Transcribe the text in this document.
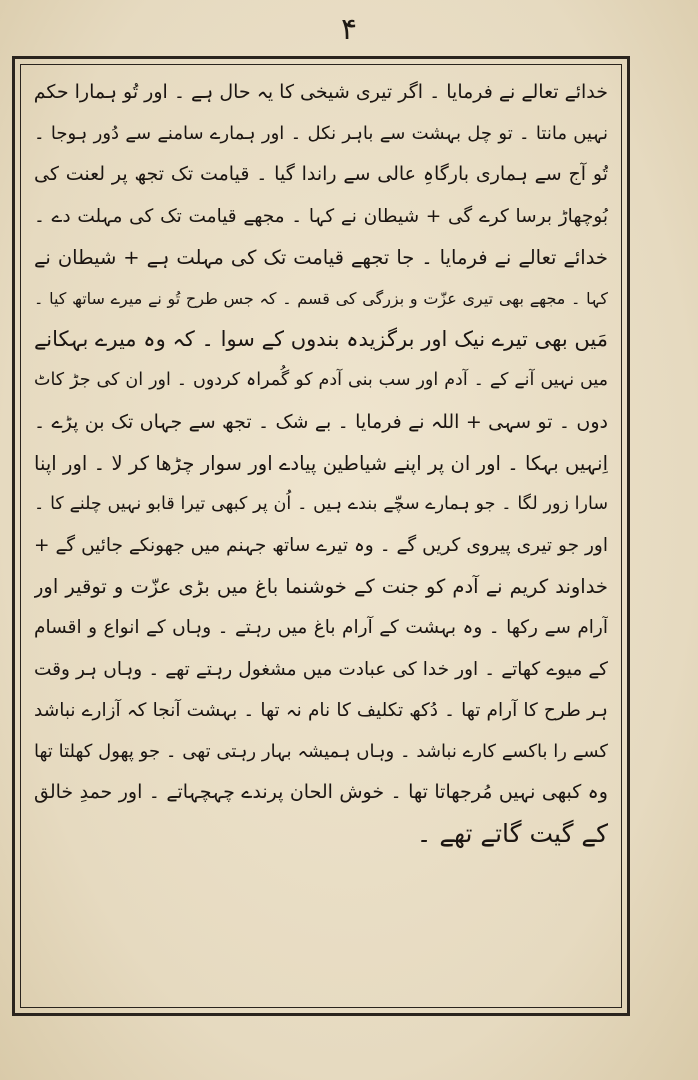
۴
خدائے تعالے نے فرمایا ۔ اگر تیری شیخی کا یہ حال ہے ۔ اور تُو ہمارا حکم
نہیں مانتا ۔ تو چل بہشت سے باہر نکل ۔ اور ہمارے سامنے سے دُور ہوجا ۔
تُو آج سے ہماری بارگاہِ عالی سے راندا گیا ۔ قیامت تک تجھ پر لعنت کی
بُوچھاڑ برسا کرے گی + شیطان نے کہا ۔ مجھے قیامت تک کی مہلت دے ۔
خدائے تعالے نے فرمایا ۔ جا تجھے قیامت تک کی مہلت ہے + شیطان نے
کہا ۔ مجھے بھی تیری عزّت و بزرگی کی قسم ۔ کہ جس طرح تُو نے میرے ساتھ کیا ۔
مَیں بھی تیرے نیک اور برگزیدہ بندوں کے سوا ۔ کہ وہ میرے بہکانے
میں نہیں آنے کے ۔ آدم اور سب بنی آدم کو گُمراہ کردوں ۔ اور ان کی جڑ کاٹ
دوں ۔ تو سہی + اللہ نے فرمایا ۔ بے شک ۔ تجھ سے جہاں تک بن پڑے ۔
اِنہیں بہکا ۔ اور ان پر اپنے شیاطین پیادے اور سوار چڑھا کر لا ۔ اور اپنا
سارا زور لگا ۔ جو ہمارے سچّے بندے ہیں ۔ اُن پر کبھی تیرا قابو نہیں چلنے کا ۔
اور جو تیری پیروی کریں گے ۔ وہ تیرے ساتھ جہنم میں جھونکے جائیں گے +
خداوند کریم نے آدم کو جنت کے خوشنما باغ میں بڑی عزّت و توقیر اور
آرام سے رکھا ۔ وہ بہشت کے آرام باغ میں رہتے ۔ وہاں کے انواع و اقسام
کے میوے کھاتے ۔ اور خدا کی عبادت میں مشغول رہتے تھے ۔ وہاں ہر وقت
ہر طرح کا آرام تھا ۔ دُکھ تکلیف کا نام نہ تھا ۔ بہشت آنجا کہ آزارے نباشد
کسے را باکسے کارے نباشد ۔ وہاں ہمیشہ بہار رہتی تھی ۔ جو پھول کھلتا تھا
وہ کبھی نہیں مُرجھاتا تھا ۔ خوش الحان پرندے چہچہاتے ۔ اور حمدِ خالق
کے گیت گاتے تھے ۔
